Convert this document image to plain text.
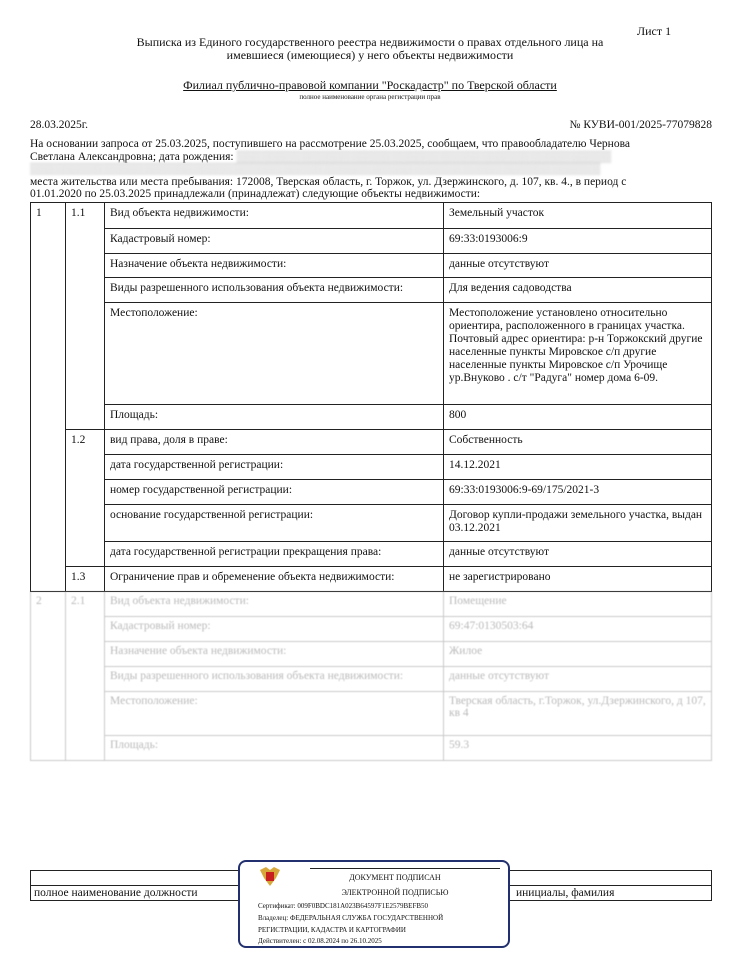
Лист 1
Выписка из Единого государственного реестра недвижимости о правах отдельного лица на
имевшиеся (имеющиеся) у него объекты недвижимости
Филиал публично-правовой компании "Роскадастр" по Тверской области
полное наименование органа регистрации прав
28.03.2025г.	№ КУВИ-001/2025-77079828
На основании запроса от 25.03.2025, поступившего на рассмотрение 25.03.2025, сообщаем, что правообладателю Чернова
Светлана Александровна; дата рождения: ▒▒▒▒▒▒▒▒▒▒▒▒▒▒▒▒▒▒▒▒▒▒▒▒▒▒▒▒▒▒▒▒▒▒▒▒▒▒▒▒▒▒▒▒▒▒
▒▒▒▒▒▒▒▒▒▒▒▒▒▒▒▒▒▒▒▒▒▒▒▒▒▒▒▒▒▒▒▒▒▒▒▒▒▒▒▒▒▒▒▒▒▒▒▒▒▒▒▒▒▒▒▒▒▒▒▒▒▒▒▒▒▒▒▒▒▒
места жительства или места пребывания: 172008, Тверская область, г. Торжок, ул. Дзержинского, д. 107, кв. 4., в период с
01.01.2020 по 25.03.2025 принадлежали (принадлежат) следующие объекты недвижимости:
1	1.1	Вид объекта недвижимости:	Земельный участок
		Кадастровый номер:	69:33:0193006:9
		Назначение объекта недвижимости:	данные отсутствуют
		Виды разрешенного использования объекта недвижимости:	Для ведения садоводства
		Местоположение:	Местоположение установлено относительно ориентира, расположенного в границах участка. Почтовый адрес ориентира: р-н Торжокский другие населенные пункты Мировское с/п другие населенные пункты Мировское с/п Урочище ур.Внуково . с/т "Радуга" номер дома 6-09.
		Площадь:	800
	1.2	вид права, доля в праве:	Собственность
		дата государственной регистрации:	14.12.2021
		номер государственной регистрации:	69:33:0193006:9-69/175/2021-3
		основание государственной регистрации:	Договор купли-продажи земельного участка, выдан 03.12.2021
		дата государственной регистрации прекращения права:	данные отсутствуют
	1.3	Ограничение прав и обременение объекта недвижимости:	не зарегистрировано
2	2.1	Вид объекта недвижимости:	Помещение
		Кадастровый номер:	69:47:0130503:64
		Назначение объекта недвижимости:	Жилое
		Виды разрешенного использования объекта недвижимости:	данные отсутствуют
		Местоположение:	Тверская область, г.Торжок, ул.Дзержинского, д 107, кв 4
		Площадь:	59.3

полное наименование должности		инициалы, фамилия
ДОКУМЕНТ ПОДПИСАН
ЭЛЕКТРОННОЙ ПОДПИСЬЮ
Сертификат: 009F0BDC181A023B64597F1E2579BEFB50
Владелец: ФЕДЕРАЛЬНАЯ СЛУЖБА ГОСУДАРСТВЕННОЙ
РЕГИСТРАЦИИ, КАДАСТРА И КАРТОГРАФИИ
Действителен: с 02.08.2024 по 26.10.2025
